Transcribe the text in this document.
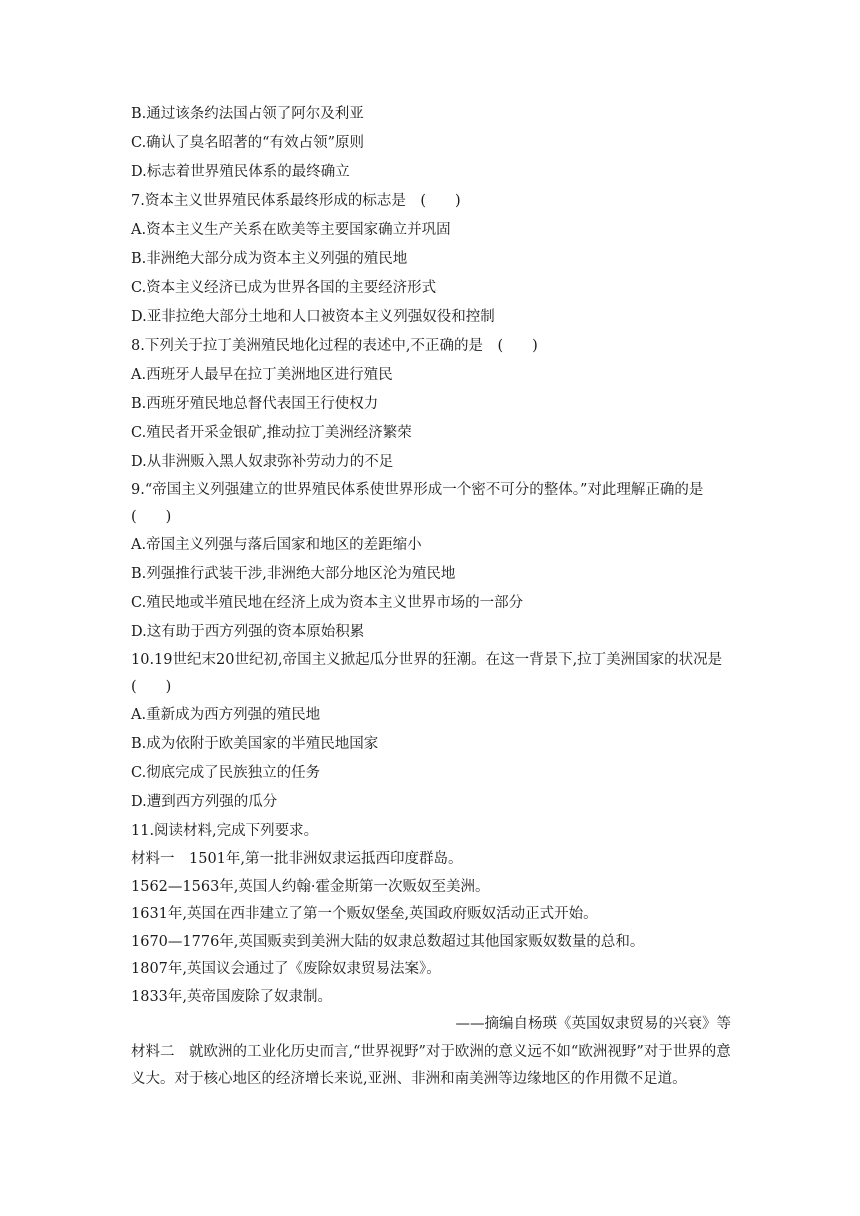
B.通过该条约法国占领了阿尔及利亚
C.确认了臭名昭著的“有效占领”原则
D.标志着世界殖民体系的最终确立
7.资本主义世界殖民体系最终形成的标志是　(　　)
A.资本主义生产关系在欧美等主要国家确立并巩固
B.非洲绝大部分成为资本主义列强的殖民地
C.资本主义经济已成为世界各国的主要经济形式
D.亚非拉绝大部分土地和人口被资本主义列强奴役和控制
8.下列关于拉丁美洲殖民地化过程的表述中,不正确的是　(　　)
A.西班牙人最早在拉丁美洲地区进行殖民
B.西班牙殖民地总督代表国王行使权力
C.殖民者开采金银矿,推动拉丁美洲经济繁荣
D.从非洲贩入黑人奴隶弥补劳动力的不足
9.“帝国主义列强建立的世界殖民体系使世界形成一个密不可分的整体。”对此理解正确的是(　　)
A.帝国主义列强与落后国家和地区的差距缩小
B.列强推行武装干涉,非洲绝大部分地区沦为殖民地
C.殖民地或半殖民地在经济上成为资本主义世界市场的一部分
D.这有助于西方列强的资本原始积累
10.19世纪末20世纪初,帝国主义掀起瓜分世界的狂潮。在这一背景下,拉丁美洲国家的状况是(　　)
A.重新成为西方列强的殖民地
B.成为依附于欧美国家的半殖民地国家
C.彻底完成了民族独立的任务
D.遭到西方列强的瓜分
11.阅读材料,完成下列要求。
材料一　1501年,第一批非洲奴隶运抵西印度群岛。
1562—1563年,英国人约翰·霍金斯第一次贩奴至美洲。
1631年,英国在西非建立了第一个贩奴堡垒,英国政府贩奴活动正式开始。
1670—1776年,英国贩卖到美洲大陆的奴隶总数超过其他国家贩奴数量的总和。
1807年,英国议会通过了《废除奴隶贸易法案》。
1833年,英帝国废除了奴隶制。
——摘编自杨瑛《英国奴隶贸易的兴衰》等
材料二　就欧洲的工业化历史而言,“世界视野”对于欧洲的意义远不如“欧洲视野”对于世界的意义大。对于核心地区的经济增长来说,亚洲、非洲和南美洲等边缘地区的作用微不足道。
